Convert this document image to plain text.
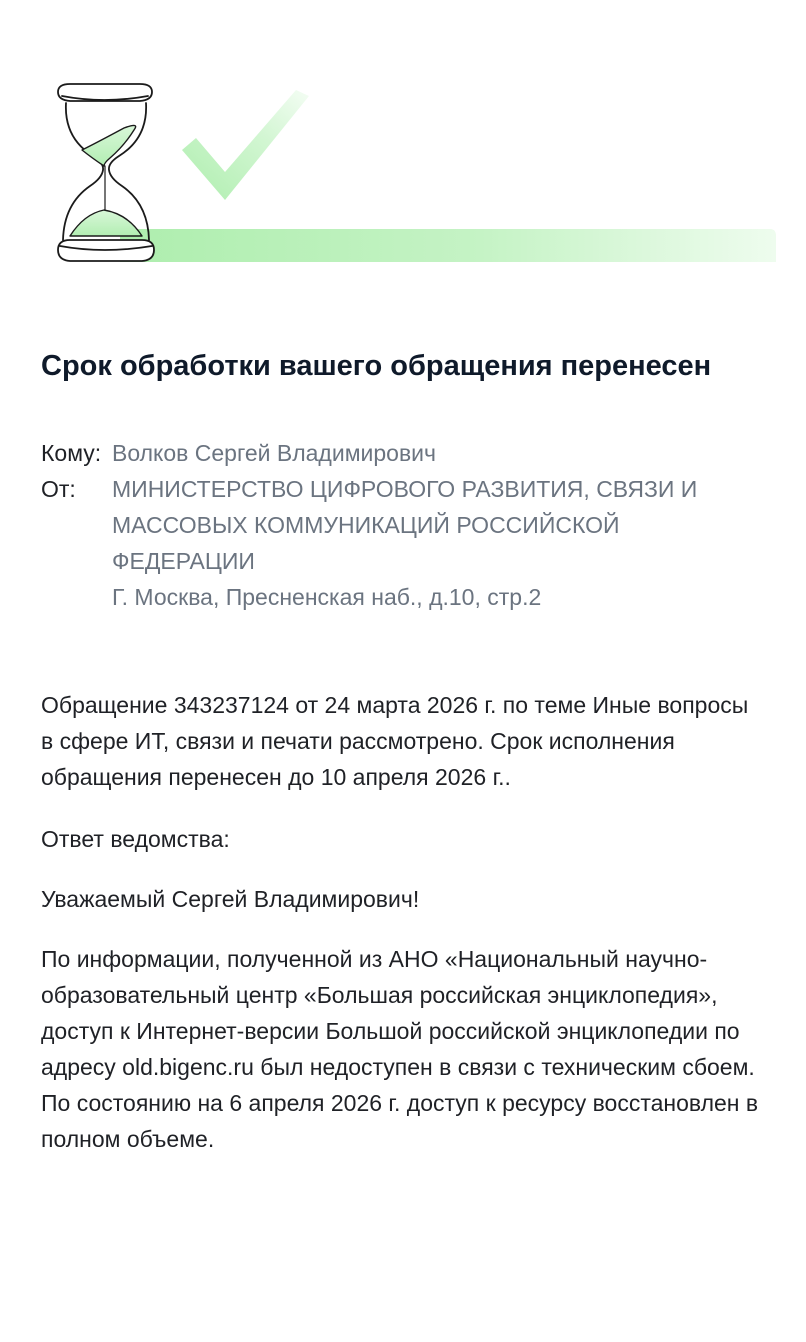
Срок обработки вашего обращения перенесен
Кому: Волков Сергей Владимирович
От:	МИНИСТЕРСТВО ЦИФРОВОГО РАЗВИТИЯ, СВЯЗИ И
МАССОВЫХ КОММУНИКАЦИЙ РОССИЙСКОЙ
ФЕДЕРАЦИИ
Г. Москва, Пресненская наб., д.10, стр.2

Обращение 343237124 от 24 марта 2026 г. по теме Иные вопросы в сфере ИТ, связи и печати рассмотрено. Срок исполнения обращения перенесен до 10 апреля 2026 г..

Ответ ведомства:

Уважаемый Сергей Владимирович!

По информации, полученной из АНО «Национальный научно-образовательный центр «Большая российская энциклопедия», доступ к Интернет-версии Большой российской энциклопедии по адресу old.bigenc.ru был недоступен в связи с техническим сбоем. По состоянию на 6 апреля 2026 г. доступ к ресурсу восстановлен в полном объеме.
